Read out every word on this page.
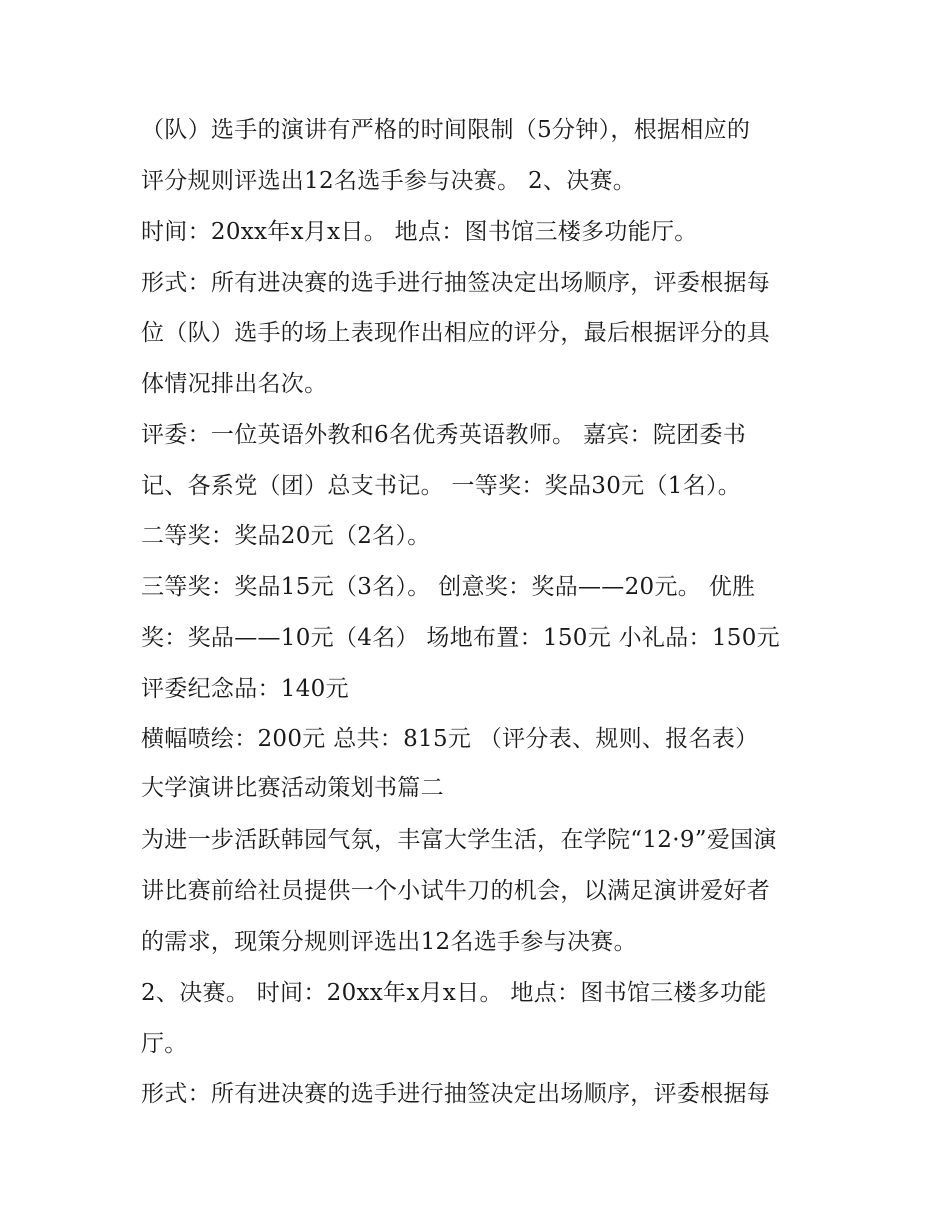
（队）选手的演讲有严格的时间限制（5分钟），根据相应的
评分规则评选出12名选手参与决赛。 2、决赛。
时间：20xx年x月x日。 地点：图书馆三楼多功能厅。
形式：所有进决赛的选手进行抽签决定出场顺序，评委根据每
位（队）选手的场上表现作出相应的评分，最后根据评分的具
体情况排出名次。
评委：一位英语外教和6名优秀英语教师。 嘉宾：院团委书
记、各系党（团）总支书记。 一等奖：奖品30元（1名）。
二等奖：奖品20元（2名）。
三等奖：奖品15元（3名）。 创意奖：奖品——20元。 优胜
奖：奖品——10元（4名） 场地布置：150元 小礼品：150元
评委纪念品：140元
横幅喷绘：200元 总共：815元 （评分表、规则、报名表）
大学演讲比赛活动策划书篇二
为进一步活跃韩园气氛，丰富大学生活，在学院“12·9”爱国演
讲比赛前给社员提供一个小试牛刀的机会，以满足演讲爱好者
的需求，现策分规则评选出12名选手参与决赛。
2、决赛。 时间：20xx年x月x日。 地点：图书馆三楼多功能
厅。
形式：所有进决赛的选手进行抽签决定出场顺序，评委根据每
